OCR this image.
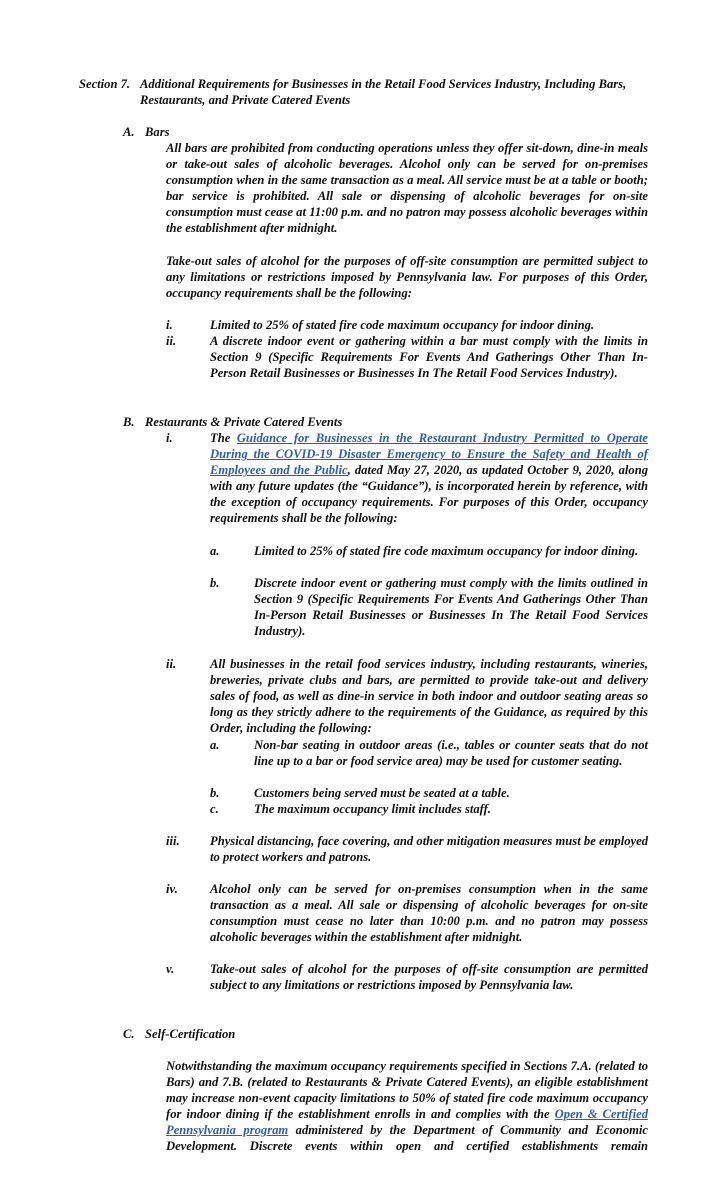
Section 7. Additional Requirements for Businesses in the Retail Food Services Industry, Including Bars, Restaurants, and Private Catered Events
A. Bars
All bars are prohibited from conducting operations unless they offer sit-down, dine-in meals or take-out sales of alcoholic beverages. Alcohol only can be served for on-premises consumption when in the same transaction as a meal. All service must be at a table or booth; bar service is prohibited. All sale or dispensing of alcoholic beverages for on-site consumption must cease at 11:00 p.m. and no patron may possess alcoholic beverages within the establishment after midnight.
Take-out sales of alcohol for the purposes of off-site consumption are permitted subject to any limitations or restrictions imposed by Pennsylvania law. For purposes of this Order, occupancy requirements shall be the following:
i.	Limited to 25% of stated fire code maximum occupancy for indoor dining.
ii.	A discrete indoor event or gathering within a bar must comply with the limits in Section 9 (Specific Requirements For Events And Gatherings Other Than In-Person Retail Businesses or Businesses In The Retail Food Services Industry).
B. Restaurants & Private Catered Events
i.	The Guidance for Businesses in the Restaurant Industry Permitted to Operate During the COVID-19 Disaster Emergency to Ensure the Safety and Health of Employees and the Public, dated May 27, 2020, as updated October 9, 2020, along with any future updates (the “Guidance”), is incorporated herein by reference, with the exception of occupancy requirements. For purposes of this Order, occupancy requirements shall be the following:
a.	Limited to 25% of stated fire code maximum occupancy for indoor dining.
b.	Discrete indoor event or gathering must comply with the limits outlined in Section 9 (Specific Requirements For Events And Gatherings Other Than In-Person Retail Businesses or Businesses In The Retail Food Services Industry).
ii.	All businesses in the retail food services industry, including restaurants, wineries, breweries, private clubs and bars, are permitted to provide take-out and delivery sales of food, as well as dine-in service in both indoor and outdoor seating areas so long as they strictly adhere to the requirements of the Guidance, as required by this Order, including the following:
a.	Non-bar seating in outdoor areas (i.e., tables or counter seats that do not line up to a bar or food service area) may be used for customer seating.
b.	Customers being served must be seated at a table.
c.	The maximum occupancy limit includes staff.
iii.	Physical distancing, face covering, and other mitigation measures must be employed to protect workers and patrons.
iv.	Alcohol only can be served for on-premises consumption when in the same transaction as a meal. All sale or dispensing of alcoholic beverages for on-site consumption must cease no later than 10:00 p.m. and no patron may possess alcoholic beverages within the establishment after midnight.
v.	Take-out sales of alcohol for the purposes of off-site consumption are permitted subject to any limitations or restrictions imposed by Pennsylvania law.
C. Self-Certification
Notwithstanding the maximum occupancy requirements specified in Sections 7.A. (related to Bars) and 7.B. (related to Restaurants & Private Catered Events), an eligible establishment may increase non-event capacity limitations to 50% of stated fire code maximum occupancy for indoor dining if the establishment enrolls in and complies with the Open & Certified Pennsylvania program administered by the Department of Community and Economic Development. Discrete events within open and certified establishments remain
